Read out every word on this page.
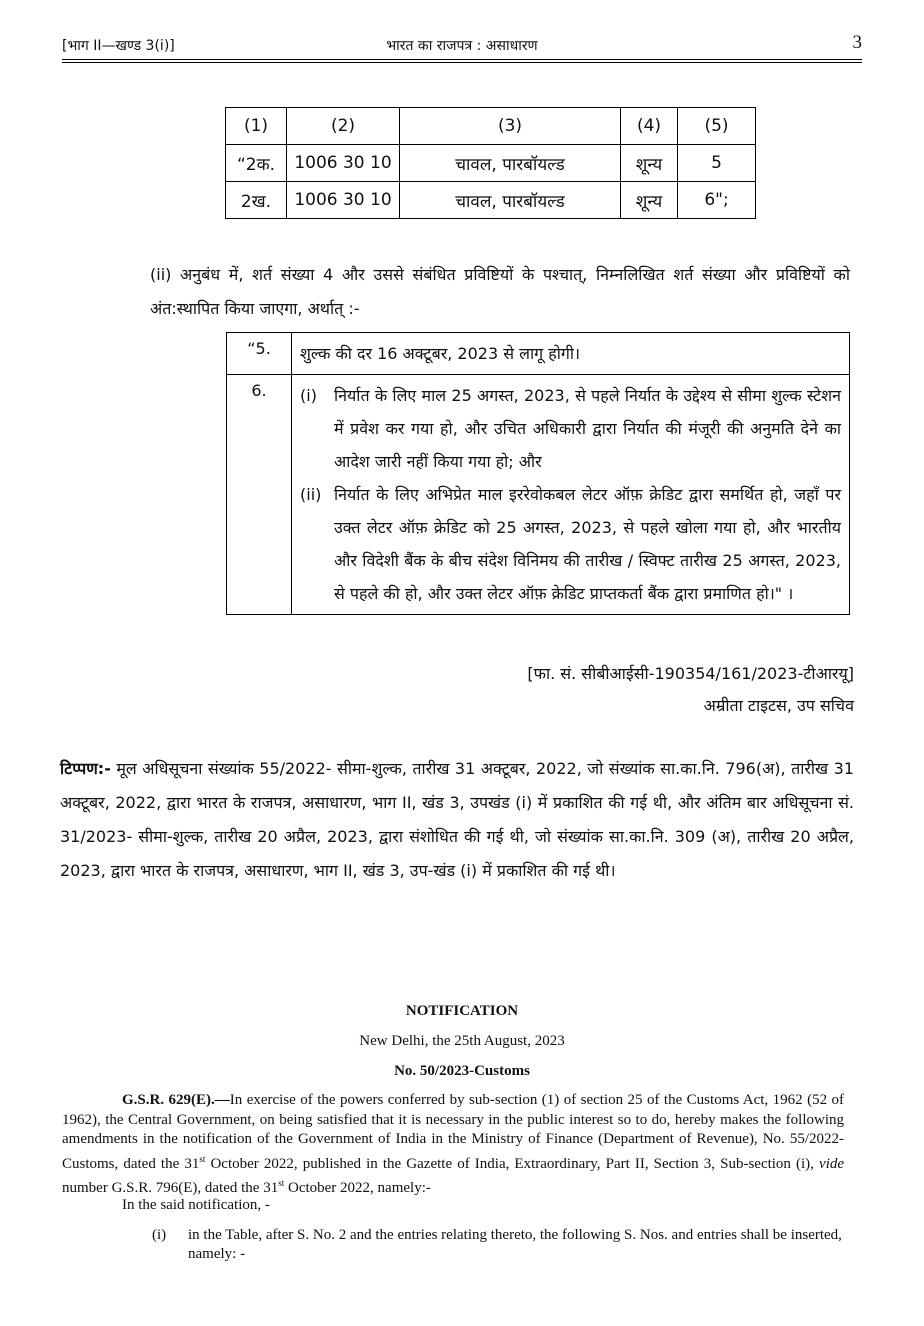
[भाग II—खण्ड 3(i)]	भारत का राजपत्र : असाधारण	3
(1)	(2)	(3)	(4)	(5)
“2क.	1006 30 10	चावल, पारबॉयल्ड	शून्य	5
2ख.	1006 30 10	चावल, पारबॉयल्ड	शून्य	6";
(ii) अनुबंध में, शर्त संख्या 4 और उससे संबंधित प्रविष्टियों के पश्चात्, निम्नलिखित शर्त संख्या और प्रविष्टियों को अंत:स्थापित किया जाएगा, अर्थात् :-
“5.	शुल्क की दर 16 अक्टूबर, 2023 से लागू होगी।
6.	(i) निर्यात के लिए माल 25 अगस्त, 2023, से पहले निर्यात के उद्देश्य से सीमा शुल्क स्टेशन में प्रवेश कर गया हो, और उचित अधिकारी द्वारा निर्यात की मंजूरी की अनुमति देने का आदेश जारी नहीं किया गया हो; और
(ii) निर्यात के लिए अभिप्रेत माल इररेवोकबल लेटर ऑफ़ क्रेडिट द्वारा समर्थित हो, जहाँ पर उक्त लेटर ऑफ़ क्रेडिट को 25 अगस्त, 2023, से पहले खोला गया हो, और भारतीय और विदेशी बैंक के बीच संदेश विनिमय की तारीख / स्विफ्ट तारीख 25 अगस्त, 2023, से पहले की हो, और उक्त लेटर ऑफ़ क्रेडिट प्राप्तकर्ता बैंक द्वारा प्रमाणित हो।" ।
[फा. सं. सीबीआईसी-190354/161/2023-टीआरयू]
अम्रीता टाइटस, उप सचिव
टिप्पण:- मूल अधिसूचना संख्यांक 55/2022- सीमा-शुल्क, तारीख 31 अक्टूबर, 2022, जो संख्यांक सा.का.नि. 796(अ), तारीख 31 अक्टूबर, 2022, द्वारा भारत के राजपत्र, असाधारण, भाग II, खंड 3, उपखंड (i) में प्रकाशित की गई थी, और अंतिम बार अधिसूचना सं. 31/2023- सीमा-शुल्क, तारीख 20 अप्रैल, 2023, द्वारा संशोधित की गई थी, जो संख्यांक सा.का.नि. 309 (अ), तारीख 20 अप्रैल, 2023, द्वारा भारत के राजपत्र, असाधारण, भाग II, खंड 3, उप-खंड (i) में प्रकाशित की गई थी।
NOTIFICATION
New Delhi, the 25th August, 2023
No. 50/2023-Customs
G.S.R. 629(E).—In exercise of the powers conferred by sub-section (1) of section 25 of the Customs Act, 1962 (52 of 1962), the Central Government, on being satisfied that it is necessary in the public interest so to do, hereby makes the following amendments in the notification of the Government of India in the Ministry of Finance (Department of Revenue), No. 55/2022-Customs, dated the 31st October 2022, published in the Gazette of India, Extraordinary, Part II, Section 3, Sub-section (i), vide number G.S.R. 796(E), dated the 31st October 2022, namely:-
In the said notification, -
(i)	in the Table, after S. No. 2 and the entries relating thereto, the following S. Nos. and entries shall be inserted, namely: -
